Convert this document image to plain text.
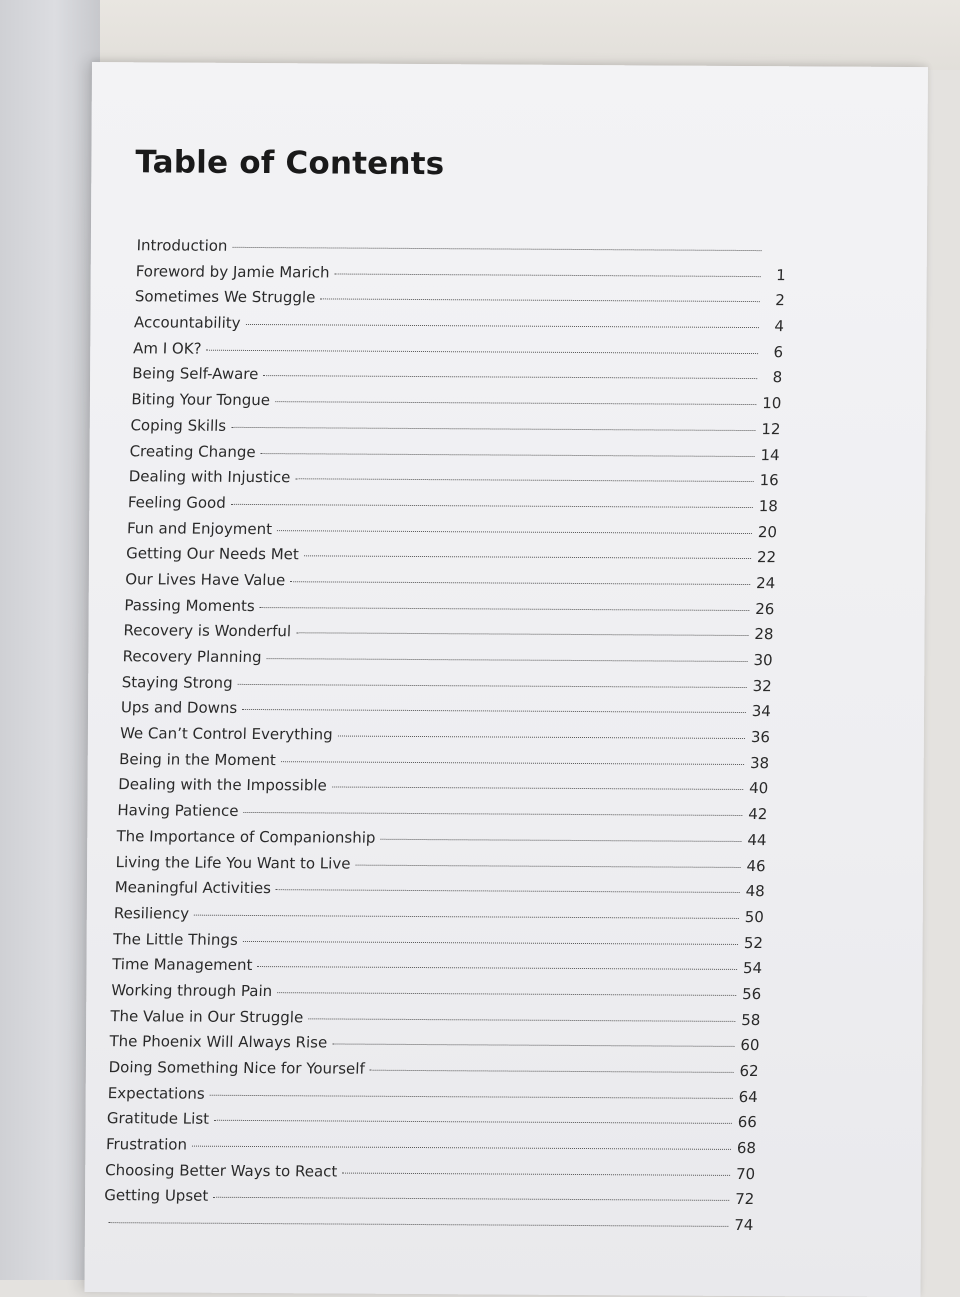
Table of Contents
Introduction
Foreword by Jamie Marich	1
Sometimes We Struggle	2
Accountability	4
Am I OK?	6
Being Self-Aware	8
Biting Your Tongue	10
Coping Skills	12
Creating Change	14
Dealing with Injustice	16
Feeling Good	18
Fun and Enjoyment	20
Getting Our Needs Met	22
Our Lives Have Value	24
Passing Moments	26
Recovery is Wonderful	28
Recovery Planning	30
Staying Strong	32
Ups and Downs	34
We Can’t Control Everything	36
Being in the Moment	38
Dealing with the Impossible	40
Having Patience	42
The Importance of Companionship	44
Living the Life You Want to Live	46
Meaningful Activities	48
Resiliency	50
The Little Things	52
Time Management	54
Working through Pain	56
The Value in Our Struggle	58
The Phoenix Will Always Rise	60
Doing Something Nice for Yourself	62
Expectations	64
Gratitude List	66
Frustration	68
Choosing Better Ways to React	70
Getting Upset	72
74
